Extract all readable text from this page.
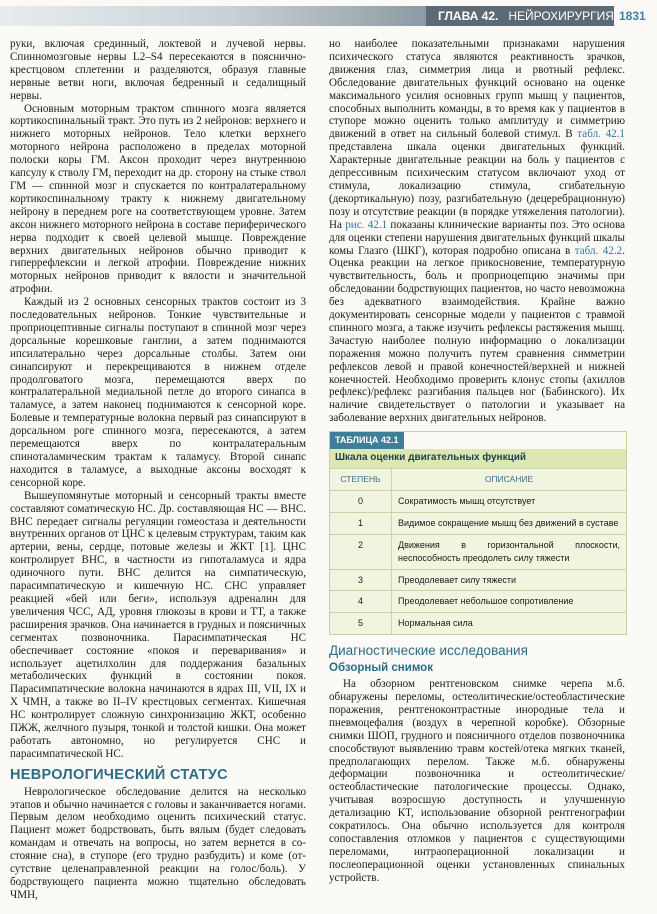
ГЛАВА 42. НЕЙРОХИРУРГИЯ 1831

руки, включая срединный, локтевой и лучевой нервы. Спинномозговые нервы L2–S4 пересекаются в пояснично-крестцовом сплетении и разделяются, образуя главные нервные ветви ноги, включая бедренный и седалищный нервы.

Основным моторным трактом спинного мозга является кортикоспинальный тракт. Это путь из 2 нейронов: верхнего и нижнего моторных нейронов. Тело клетки верхнего моторного нейрона расположено в пределах моторной полоски коры ГМ. Аксон проходит через внутреннюю капсулу к стволу ГМ, переходит на др. сторону на стыке ствол ГМ — спинной мозг и спускается по контралатеральному кортикоспинальному тракту к нижнему двигательному нейрону в переднем роге на соответствующем уровне. Затем аксон нижнего моторного нейрона в составе периферического нерва подходит к своей целевой мышце. Повреждение верхних двигательных нейронов обычно приводит к гиперрефлексии и легкой атрофии. Повреждение нижних моторных нейронов приводит к вялости и значительной атрофии.

Каждый из 2 основных сенсорных трактов состоит из 3 последовательных нейронов. Тонкие чувствительные и проприоцептивные сигналы поступают в спинной мозг через дорсальные корешковые ганглии, а затем поднимаются ипсилатерально через дорсальные столбы. Затем они синапсируют и перекрещиваются в нижнем отделе продолговатого мозга, перемещаются вверх по контралатеральной медиальной петле до второго синапса в таламусе, а затем наконец поднимаются к сенсорной коре. Болевые и температурные волокна первый раз синапсируют в дорсальном роге спинного мозга, пересекаются, а затем перемещаются вверх по контралатеральным спиноталамическим трактам к таламусу. Второй синапс находится в таламусе, а выходные аксоны восходят к сенсорной коре.

Вышеупомянутые моторный и сенсорный тракты вместе составляют соматическую НС. Др. составляющая НС — ВНС. ВНС передает сигналы регуляции гомеостаза и деятельности внутренних органов от ЦНС к целевым структурам, таким как артерии, вены, сердце, потовые железы и ЖКТ [1]. ЦНС контролирует ВНС, в частности из гипоталамуса и ядра одиночного пути. ВНС делится на симпатическую, парасимпатическую и кишечную НС. СНС управляет реакцией «бей или беги», используя адреналин для увеличения ЧСС, АД, уровня глюкозы в крови и ТТ, а также расширения зрачков. Она начинается в грудных и поясничных сегментах позвоночника. Парасимпатическая НС обеспечивает состояние «покоя и переваривания» и использует ацетилхолин для поддержания базальных метаболических функций в состоянии покоя. Парасимпатические волокна начинаются в ядрах III, VII, IX и X ЧМН, а также во II–IV крестцовых сегментах. Кишечная НС контролирует сложную синхронизацию ЖКТ, особенно ПЖЖ, желчного пузыря, тонкой и толстой кишки. Она может работать автономно, но регулируется СНС и парасимпатической НС.

НЕВРОЛОГИЧЕСКИЙ СТАТУС

Неврологическое обследование делится на несколько этапов и обычно начинается с головы и заканчивается ногами. Первым делом необходимо оценить психический статус. Пациент может бодрствовать, быть вялым (будет следовать командам и отвечать на вопросы, но затем вернется в со-стояние сна), в ступоре (его трудно разбудить) и коме (от-сутствие целенаправленной реакции на голос/боль). У бодрствующего пациента можно тщательно обследовать ЧМН,

но наиболее показательными признаками нарушения психического статуса являются реактивность зрачков, движения глаз, симметрия лица и рвотный рефлекс. Обследование двигательных функций основано на оценке максимального усилия основных групп мышц у пациентов, способных выполнить команды, в то время как у пациентов в ступоре можно оценить только амплитуду и симметрию движений в ответ на сильный болевой стимул. В табл. 42.1 представлена шкала оценки двигательных функций. Характерные двигательные реакции на боль у пациентов с депрессивным психическим статусом включают уход от стимула, локализацию стимула, сгибательную (декортикальную) позу, разгибательную (децеребрационную) позу и отсутствие реакции (в порядке утяжеления патологии). На рис. 42.1 показаны клинические варианты поз. Это основа для оценки степени нарушения двигательных функций шкалы комы Глазго (ШКГ), которая подробно описана в табл. 42.2. Оценка реакции на легкое прикосновение, температурную чувствительность, боль и проприоцепцию значимы при обследовании бодрствующих пациентов, но часто невозможна без адекватного взаимодействия. Крайне важно документировать сенсорные модели у пациентов с травмой спинного мозга, а также изучить рефлексы растяжения мышц. Зачастую наиболее полную информацию о локализации поражения можно получить путем сравнения симметрии рефлексов левой и правой конечностей/верхней и нижней конечностей. Необходимо проверить клонус стопы (ахиллов рефлекс)/рефлекс разгибания пальцев ног (Бабинского). Их наличие свидетельствует о патологии и указывает на заболевание верхних двигательных нейронов.

ТАБЛИЦА 42.1
Шкала оценки двигательных функций
СТЕПЕНЬ	ОПИСАНИЕ
0	Сократимость мышц отсутствует
1	Видимое сокращение мышц без движений в суставе
2	Движения в горизонтальной плоскости, неспособность преодолеть силу тяжести
3	Преодолевает силу тяжести
4	Преодолевает небольшое сопротивление
5	Нормальная сила
Диагностические исследования
Обзорный снимок

На обзорном рентгеновском снимке черепа м.б. обнаружены переломы, остеолитические/остеобластические поражения, рентгеноконтрастные инородные тела и пневмоцефалия (воздух в черепной коробке). Обзорные снимки ШОП, грудного и поясничного отделов позвоночника способствуют выявлению травм костей/отека мягких тканей, предполагающих перелом. Также м.б. обнаружены деформации позвоночника и остеолитические/остеобластические патологические процессы. Однако, учитывая возросшую доступность и улучшенную детализацию КТ, использование обзорной рентгенографии сократилось. Она обычно используется для контроля сопоставления отломков у пациентов с существующими переломами, интраоперационной локализации и послеоперационной оценки установленных спинальных устройств.
